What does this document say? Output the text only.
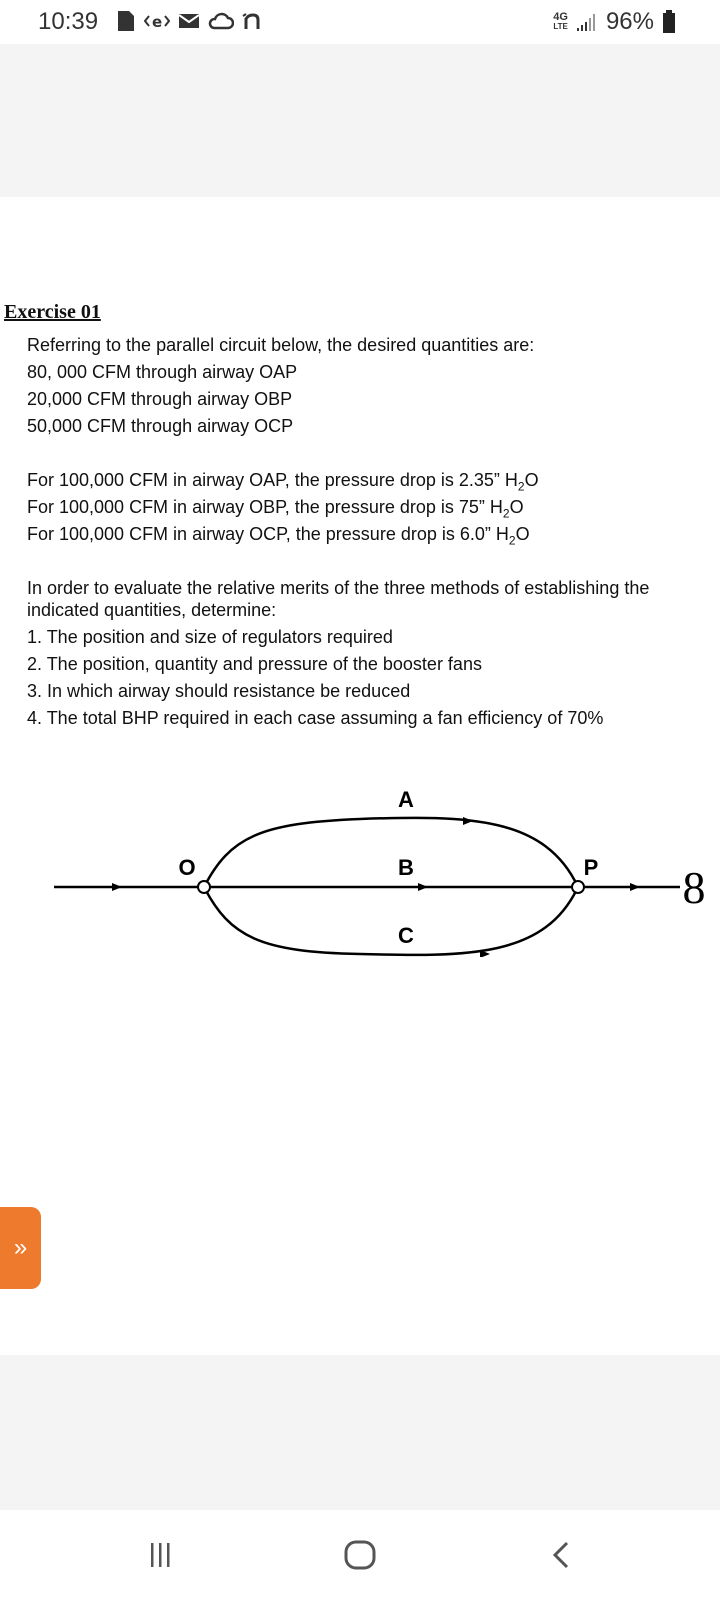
10:39	e	4G
LTE 96%
Exercise 01
Referring to the parallel circuit below, the desired quantities are:
80, 000 CFM through airway OAP
20,000 CFM through airway OBP
50,000 CFM through airway OCP
For 100,000 CFM in airway OAP, the pressure drop is 2.35” $H_2O$
For 100,000 CFM in airway OBP, the pressure drop is 75” $H_2O$
For 100,000 CFM in airway OCP, the pressure drop is 6.0” $H_2O$
In order to evaluate the relative merits of the three methods of establishing the
indicated quantities, determine:
1. The position and size of regulators required
2. The position, quantity and pressure of the booster fans
3. In which airway should resistance be reduced
4. The total BHP required in each case assuming a fan efficiency of 70%
A
B
C
O	P 8
»
